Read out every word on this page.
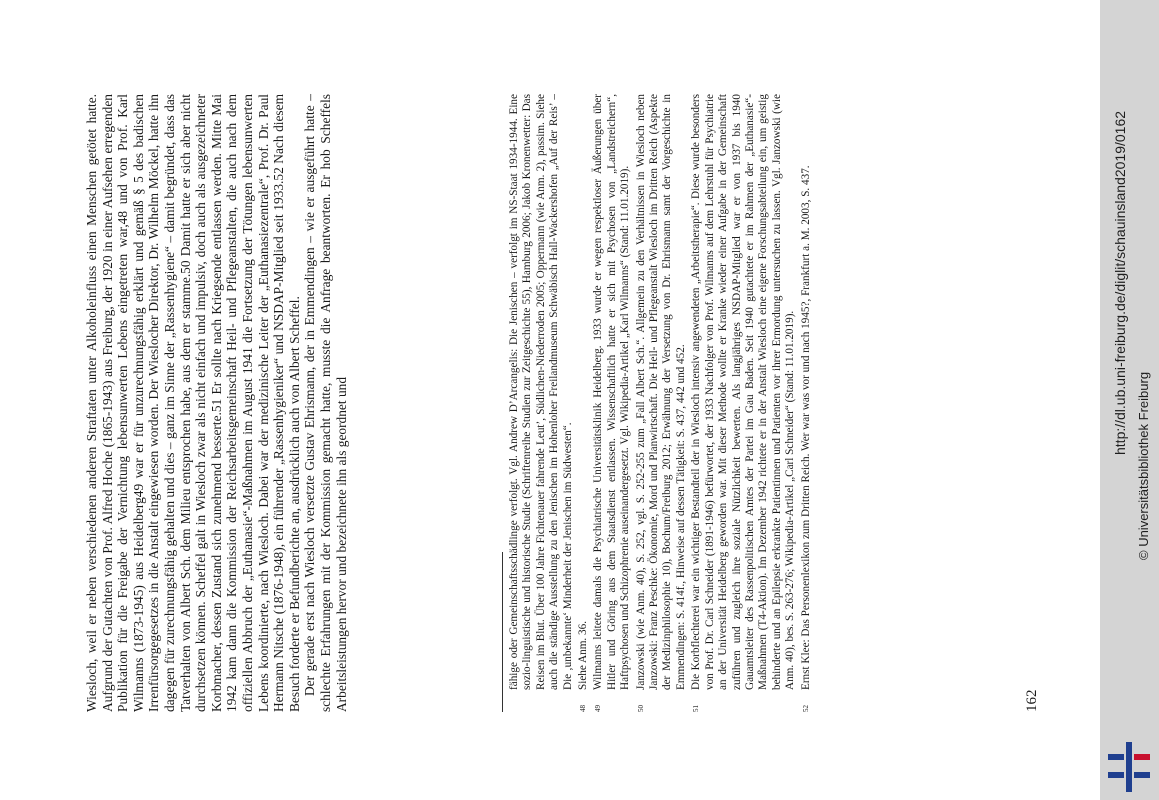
Wiesloch, weil er neben verschiedenen anderen Straftaten unter Alkoholeinfluss einen Menschen getötet hatte. Aufgrund der Gutachten von Prof. Alfred Hoche (1865-1943) aus Freiburg, der 1920 in einer Aufsehen erregenden Publikation für die Freigabe der Vernichtung lebensunwerten Lebens eingetreten war,48 und von Prof. Karl Wilmanns (1873-1945) aus Heidelberg49 war er für unzurechnungsfähig erklärt und gemäß § 5 des badischen Irrenfürsorgegesetzes in die Anstalt eingewiesen worden. Der Wieslocher Direktor, Dr. Wilhelm Möckel, hatte ihn dagegen für zurechnungsfähig gehalten und dies – ganz im Sinne der „Rassenhygiene“ – damit begründet, dass das Tatverhalten von Albert Sch. dem Milieu entsprochen habe, aus dem er stamme.50 Damit hatte er sich aber nicht durchsetzen können. Scheffel galt in Wiesloch zwar als nicht einfach und impulsiv, doch auch als ausgezeichneter Korbmacher, dessen Zustand sich zunehmend besserte.51 Er sollte nach Kriegsende entlassen werden. Mitte Mai 1942 kam dann die Kommission der Reichsarbeitsgemeinschaft Heil- und Pflegeanstalten, die auch nach dem offiziellen Abbruch der „Euthanasie“-Maßnahmen im August 1941 die Fortsetzung der Tötungen lebensunwerten Lebens koordinierte, nach Wiesloch. Dabei war der medizinische Leiter der „Euthanasiezentrale“, Prof. Dr. Paul Hermann Nitsche (1876-1948), ein führender „Rassenhygieniker“ und NSDAP-Mitglied seit 1933.52 Nach diesem Besuch forderte er Befundberichte an, ausdrücklich auch von Albert Scheffel. Der gerade erst nach Wiesloch versetzte Gustav Ehrismann, der in Emmendingen – wie er ausgeführt hatte – schlechte Erfahrungen mit der Kommission gemacht hatte, musste die Anfrage beantworten. Er hob Scheffels Arbeitsleistungen hervor und bezeichnete ihn als geordnet und	fähige oder Gemeinschaftsschädlinge verfolgt. Vgl. Andrew D’Arcangelis: Die Jenischen – verfolgt im NS-Staat 1934-1944. Eine sozio-linguistische und historische Studie (Schriftenreihe Studien zur Zeitgeschichte 55), Hamburg 2006; Jakob Kronenwetter: Das Reisen im Blut. Über 100 Jahre Fichtenauer fahrende Leut’, Südlichen-Niederroden 2005; Oppermann (wie Anm. 2), passim. Siehe auch die ständige Ausstellung zu den Jenischen im Hohenloher Freilandmuseum Schwäbisch Hall-Wackershofen „Auf der Reis’ – Die ‚unbekannte‘ Minderheit der Jenischen im Südwesten“.
48
Siehe Anm. 36.
49
Wilmanns leitete damals die Psychiatrische Universitätsklinik Heidelberg. 1933 wurde er wegen respektloser Äußerungen über Hitler und Göring aus dem Staatsdienst entlassen. Wissenschaftlich hatte er sich mit Psychosen von „Landstreichern“, Haftpsychosen und Schizophrenie auseinandergesetzt. Vgl. Wikipedia-Artikel „Karl Wilmanns“ (Stand: 11.01.2019).
50
Janzowski (wie Anm. 40), S. 252, vgl. S. 252-255 zum „Fall Albert Sch.“. Allgemein zu den Verhältnissen in Wiesloch neben Janzowski: Franz Peschke: Ökonomie, Mord und Planwirtschaft. Die Heil- und Pflegeanstalt Wiesloch im Dritten Reich (Aspekte der Medizinphilosophie 10), Bochum/Freiburg 2012; Erwähnung der Versetzung von Dr. Ehrismann samt der Vorgeschichte in Emmendingen: S. 414f., Hinweise auf dessen Tätigkeit: S. 437, 442 und 452.
51
Die Korbflechterei war ein wichtiger Bestandteil der in Wiesloch intensiv angewendeten „Arbeitstherapie“. Diese wurde besonders von Prof. Dr. Carl Schneider (1891-1946) befürwortet, der 1933 Nachfolger von Prof. Wilmanns auf dem Lehrstuhl für Psychiatrie an der Universität Heidelberg geworden war. Mit dieser Methode wollte er Kranke wieder einer Aufgabe in der Gemeinschaft zuführen und zugleich ihre soziale Nützlichkeit bewerten. Als langjähriges NSDAP-Mitglied war er von 1937 bis 1940 Gauamtsleiter des Rassenpolitischen Amtes der Partei im Gau Baden. Seit 1940 gutachtete er im Rahmen der „Euthanasie“-Maßnahmen (T4-Aktion). Im Dezember 1942 richtete er in der Anstalt Wiesloch eine eigene Forschungsabteilung ein, um geistig behinderte und an Epilepsie erkrankte Patientinnen und Patienten vor ihrer Ermordung untersuchen zu lassen. Vgl. Janzowski (wie Anm. 40), bes. S. 263-276; Wikipedia-Artikel „Carl Schneider“ (Stand: 11.01.2019).
52
Ernst Klee: Das Personenlexikon zum Dritten Reich. Wer war was vor und nach 1945?, Frankfurt a. M. 2003, S. 437.
162
http://dl.ub.uni-freiburg.de/diglit/schauinsland2019/0162
© Universitätsbibliothek Freiburg
